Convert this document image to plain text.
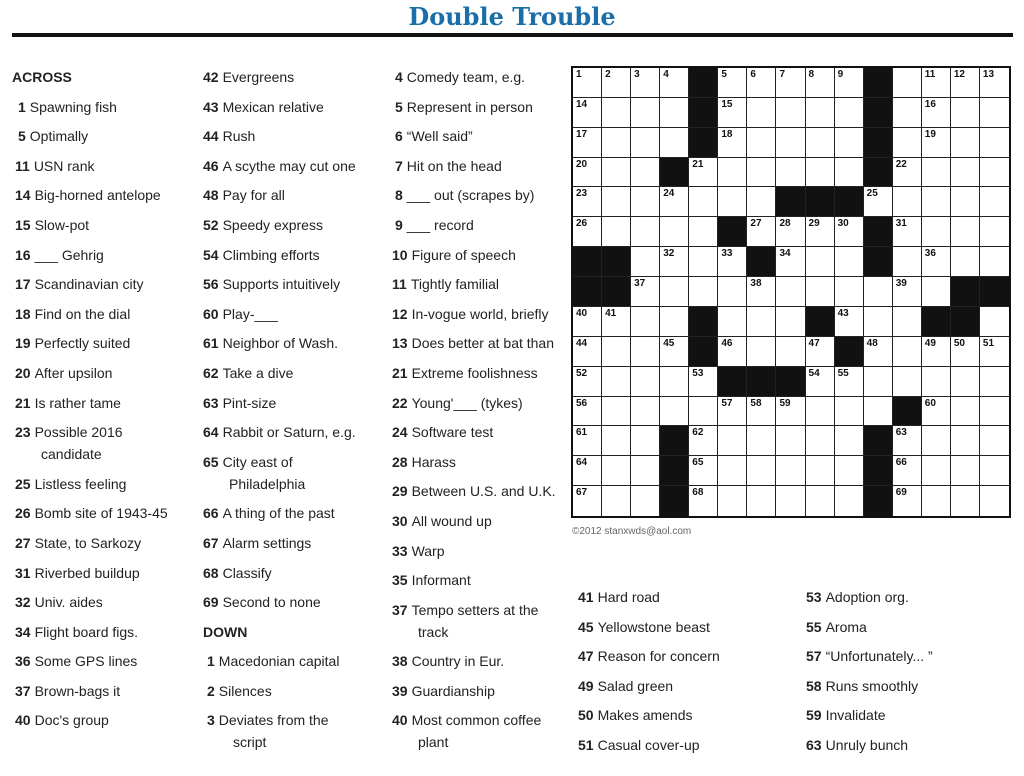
Double Trouble
ACROSS
1 Spawning fish
5 Optimally
11 USN rank
14 Big-horned antelope
15 Slow-pot
16 ___ Gehrig
17 Scandinavian city
18 Find on the dial
19 Perfectly suited
20 After upsilon
21 Is rather tame
23 Possible 2016
candidate
25 Listless feeling
26 Bomb site of 1943-45
27 State, to Sarkozy
31 Riverbed buildup
32 Univ. aides
34 Flight board figs.
36 Some GPS lines
37 Brown-bags it
40 Doc's group
42 Evergreens
43 Mexican relative
44 Rush
46 A scythe may cut one
48 Pay for all
52 Speedy express
54 Climbing efforts
56 Supports intuitively
60 Play-___
61 Neighbor of Wash.
62 Take a dive
63 Pint-size
64 Rabbit or Saturn, e.g.
65 City east of
Philadelphia
66 A thing of the past
67 Alarm settings
68 Classify
69 Second to none
DOWN
1 Macedonian capital
2 Silences
3 Deviates from the
script
4 Comedy team, e.g.
5 Represent in person
6 “Well said”
7 Hit on the head
8 ___ out (scrapes by)
9 ___ record
10 Figure of speech
11 Tightly familial
12 In-vogue world, briefly
13 Does better at bat than
21 Extreme foolishness
22 Young'___ (tykes)
24 Software test
28 Harass
29 Between U.S. and U.K.
30 All wound up
33 Warp
35 Informant
37 Tempo setters at the
track
38 Country in Eur.
39 Guardianship
40 Most common coffee
plant
1 2 3 4	5 6 7 8 9	11 12 13
14	15	16
17	18	19
20	21	22
23	24	25
26	27 28 29 30	31
32	33	34	36
37	38	39
40 41	43
44	45	46	47	48	49 50 51
52	53	54 55
56	57 58 59	60
61	62	63
64	65	66
67	68	69
©2012 stanxwds@aol.com
41 Hard road
45 Yellowstone beast
47 Reason for concern
49 Salad green
50 Makes amends
51 Casual cover-up
53 Adoption org.
55 Aroma
57 “Unfortunately... ”
58 Runs smoothly
59 Invalidate
63 Unruly bunch
